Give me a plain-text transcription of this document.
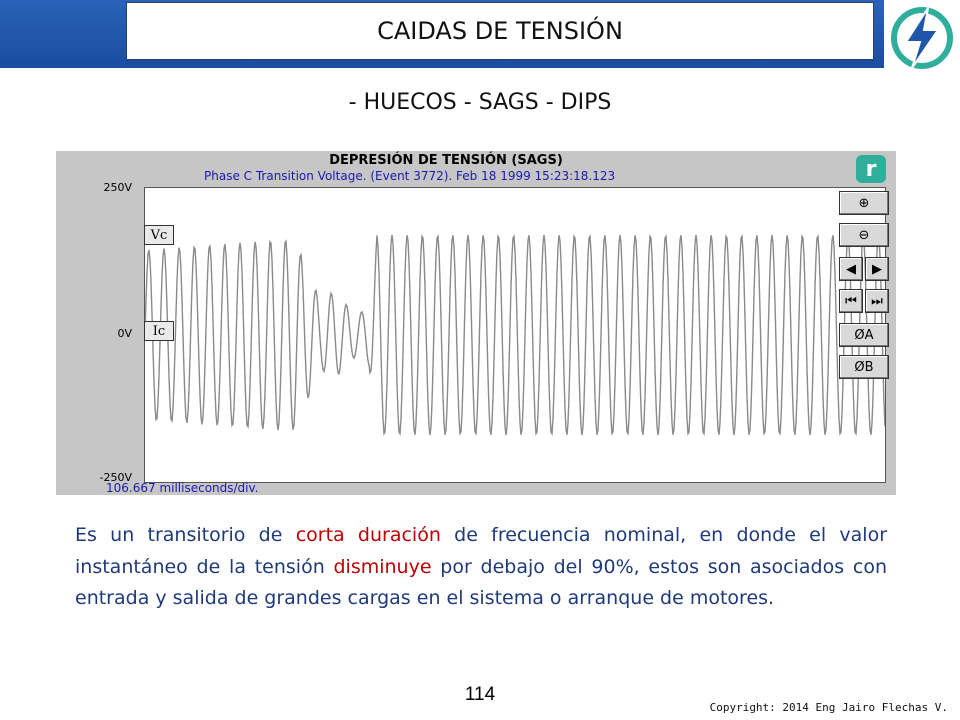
CAIDAS DE TENSIÓN
- HUECOS - SAGS - DIPS
DEPRESIÓN DE TENSIÓN (SAGS)
Phase C Transition Voltage. (Event 3772). Feb 18 1999 15:23:18.123	r
250V
0V
-250V
Vc
Ic
106.667 milliseconds/div.
⊕
⊖
◀ ▶
⏮ ⏭
ØA
ØB
Es un transitorio de corta duración de frecuencia nominal, en donde el valor instantáneo de la tensión disminuye por debajo del 90%, estos son asociados con entrada y salida de grandes cargas en el sistema o arranque de motores.
114
Copyright: 2014 Eng Jairo Flechas V.
